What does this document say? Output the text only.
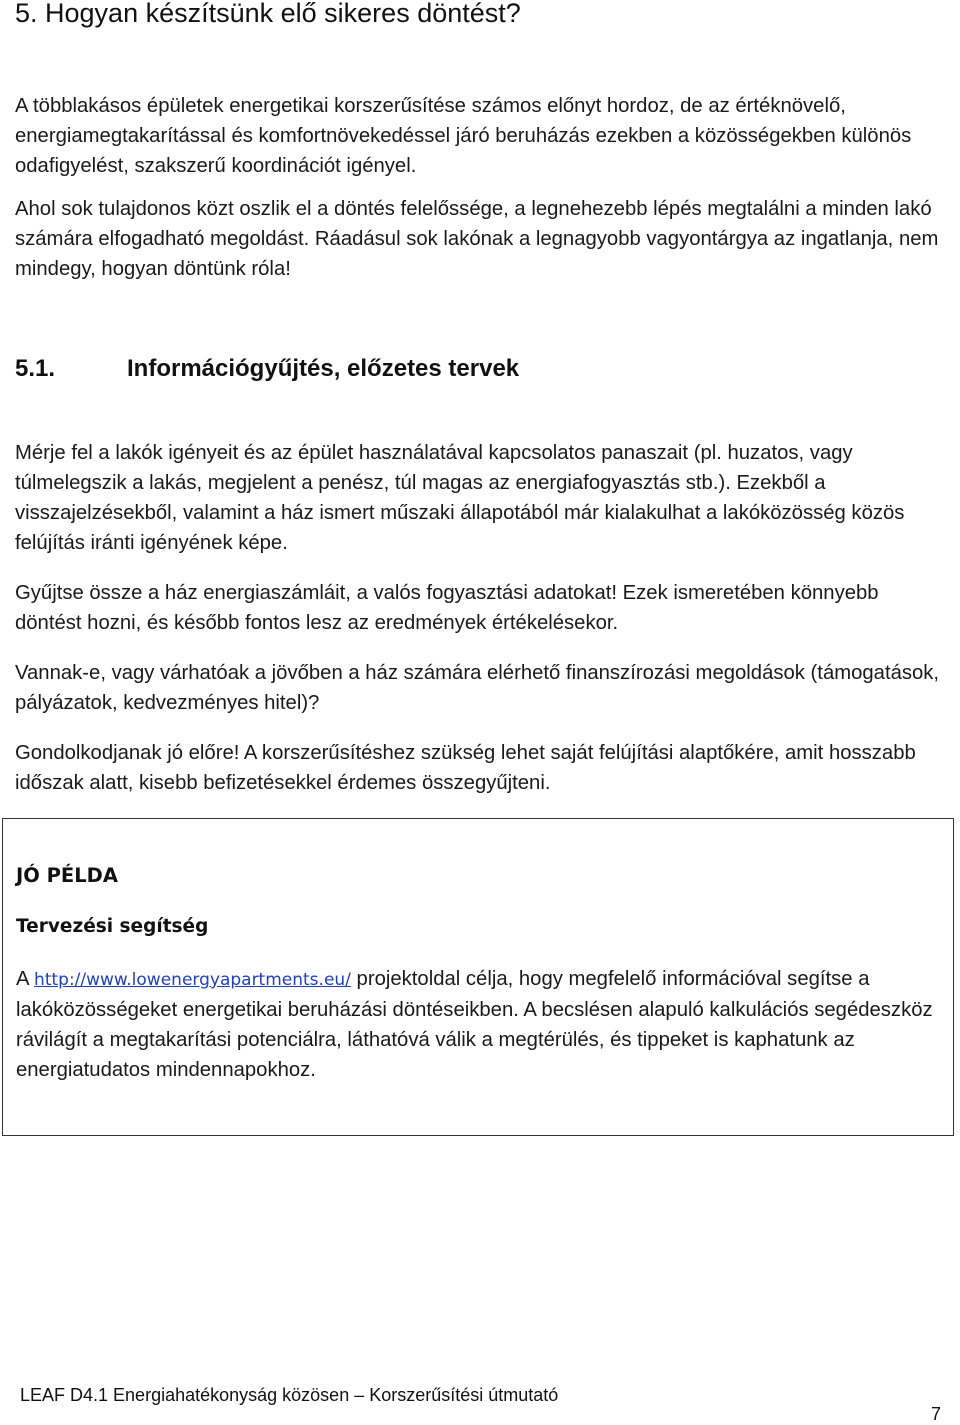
5. Hogyan készítsünk elő sikeres döntést?

A többlakásos épületek energetikai korszerűsítése számos előnyt hordoz, de az értéknövelő, energiamegtakarítással és komfortnövekedéssel járó beruházás ezekben a közösségekben különös odafigyelést, szakszerű koordinációt igényel.

Ahol sok tulajdonos közt oszlik el a döntés felelőssége, a legnehezebb lépés megtalálni a minden lakó számára elfogadható megoldást. Ráadásul sok lakónak a legnagyobb vagyontárgya az ingatlanja, nem mindegy, hogyan döntünk róla!

5.1.	Információgyűjtés, előzetes tervek

Mérje fel a lakók igényeit és az épület használatával kapcsolatos panaszait (pl. huzatos, vagy túlmelegszik a lakás, megjelent a penész, túl magas az energiafogyasztás stb.). Ezekből a visszajelzésekből, valamint a ház ismert műszaki állapotából már kialakulhat a lakóközösség közös felújítás iránti igényének képe.

Gyűjtse össze a ház energiaszámláit, a valós fogyasztási adatokat! Ezek ismeretében könnyebb döntést hozni, és később fontos lesz az eredmények értékelésekor.

Vannak-e, vagy várhatóak a jövőben a ház számára elérhető finanszírozási megoldások (támogatások, pályázatok, kedvezményes hitel)?

Gondolkodjanak jó előre! A korszerűsítéshez szükség lehet saját felújítási alaptőkére, amit hosszabb időszak alatt, kisebb befizetésekkel érdemes összegyűjteni.

JÓ PÉLDA

Tervezési segítség

A http://www.lowenergyapartments.eu/ projektoldal célja, hogy megfelelő információval segítse a lakóközösségeket energetikai beruházási döntéseikben. A becslésen alapuló kalkulációs segédeszköz rávilágít a megtakarítási potenciálra, láthatóvá válik a megtérülés, és tippeket is kaphatunk az energiatudatos mindennapokhoz.

LEAF D4.1 Energiahatékonyság közösen – Korszerűsítési útmutató

7
